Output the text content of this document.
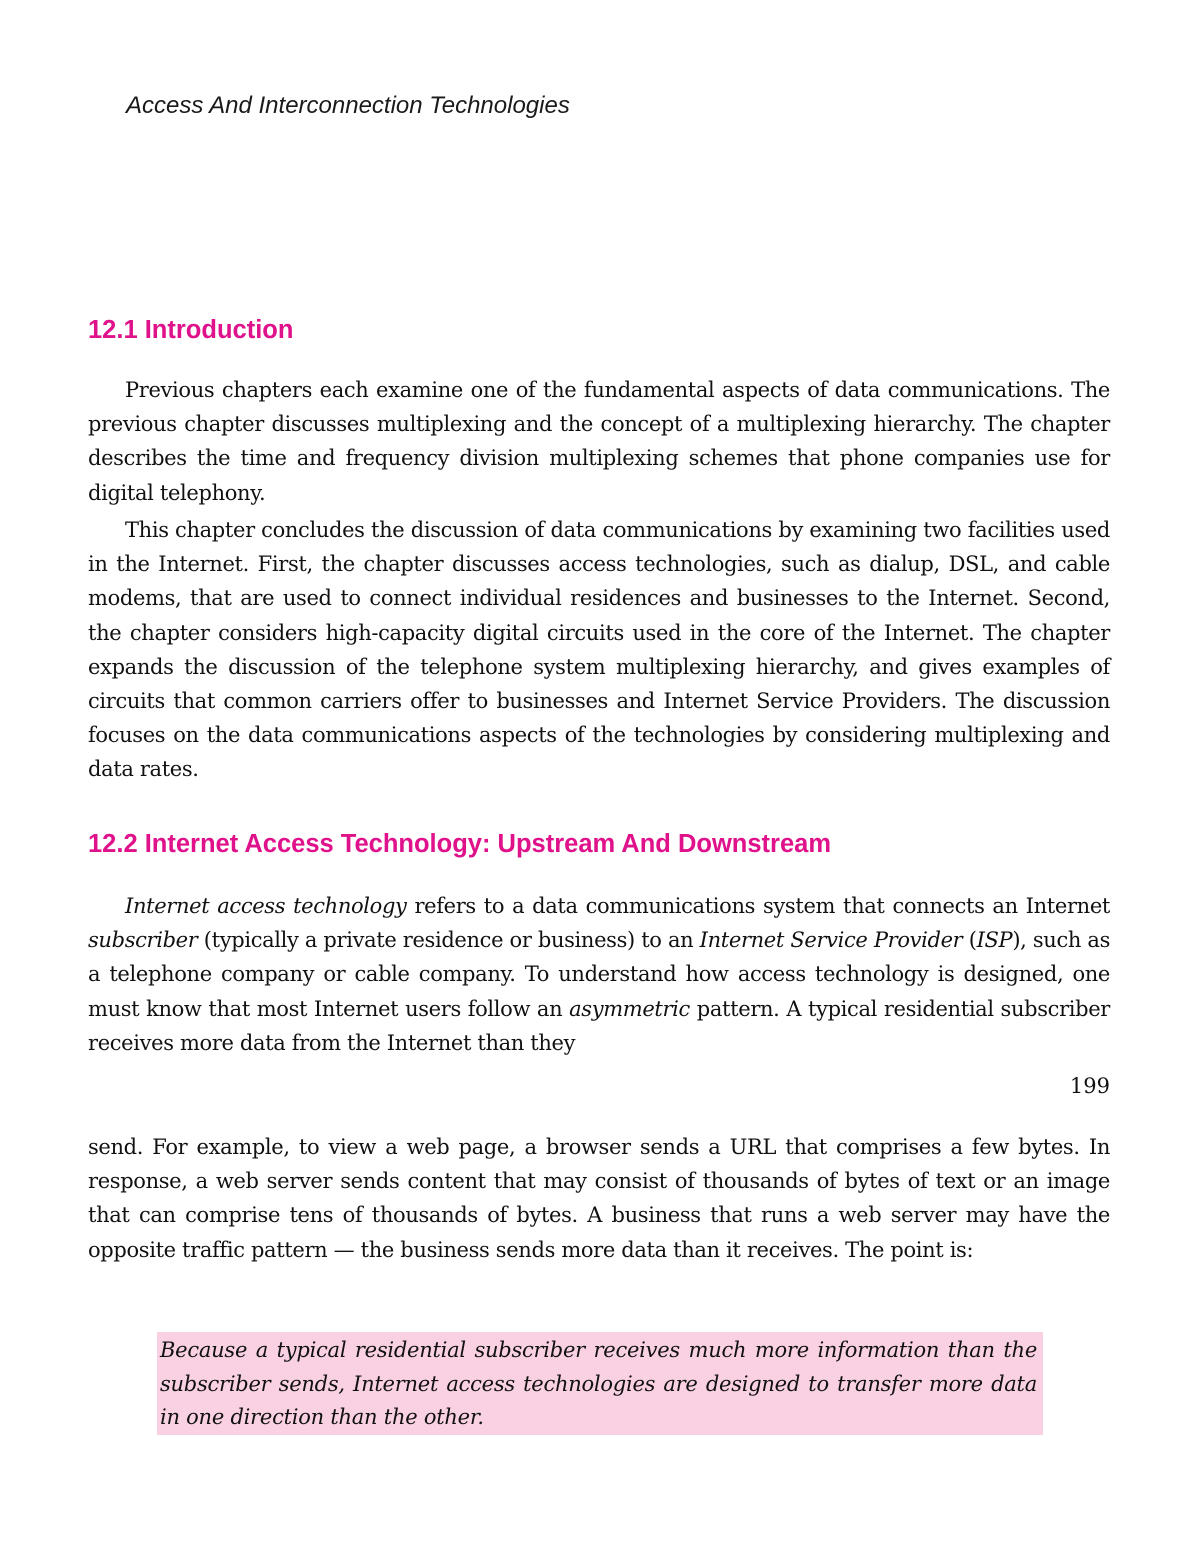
Access And Interconnection Technologies
12.1 Introduction

Previous chapters each examine one of the fundamental aspects of data communications. The previous chapter discusses multiplexing and the concept of a multiplexing hierarchy. The chapter describes the time and frequency division multiplexing schemes that phone companies use for digital telephony.

This chapter concludes the discussion of data communications by examining two facilities used in the Internet. First, the chapter discusses access technologies, such as dialup, DSL, and cable modems, that are used to connect individual residences and businesses to the Internet. Second, the chapter considers high-capacity digital circuits used in the core of the Internet. The chapter expands the discussion of the telephone system multiplexing hierarchy, and gives examples of circuits that common carriers offer to businesses and Internet Service Providers. The discussion focuses on the data communications aspects of the technologies by considering multiplexing and data rates.

12.2 Internet Access Technology: Upstream And Downstream

Internet access technology refers to a data communications system that connects an Internet subscriber (typically a private residence or business) to an Internet Service Provider (ISP), such as a telephone company or cable company. To understand how access technology is designed, one must know that most Internet users follow an asymmetric pattern. A typical residential subscriber receives more data from the Internet than they

199

send. For example, to view a web page, a browser sends a URL that comprises a few bytes. In response, a web server sends content that may consist of thousands of bytes of text or an image that can comprise tens of thousands of bytes. A business that runs a web server may have the opposite traffic pattern — the business sends more data than it receives. The point is:

Because a typical residential subscriber receives much more information than the subscriber sends, Internet access technologies are designed to transfer more data in one direction than the other.
